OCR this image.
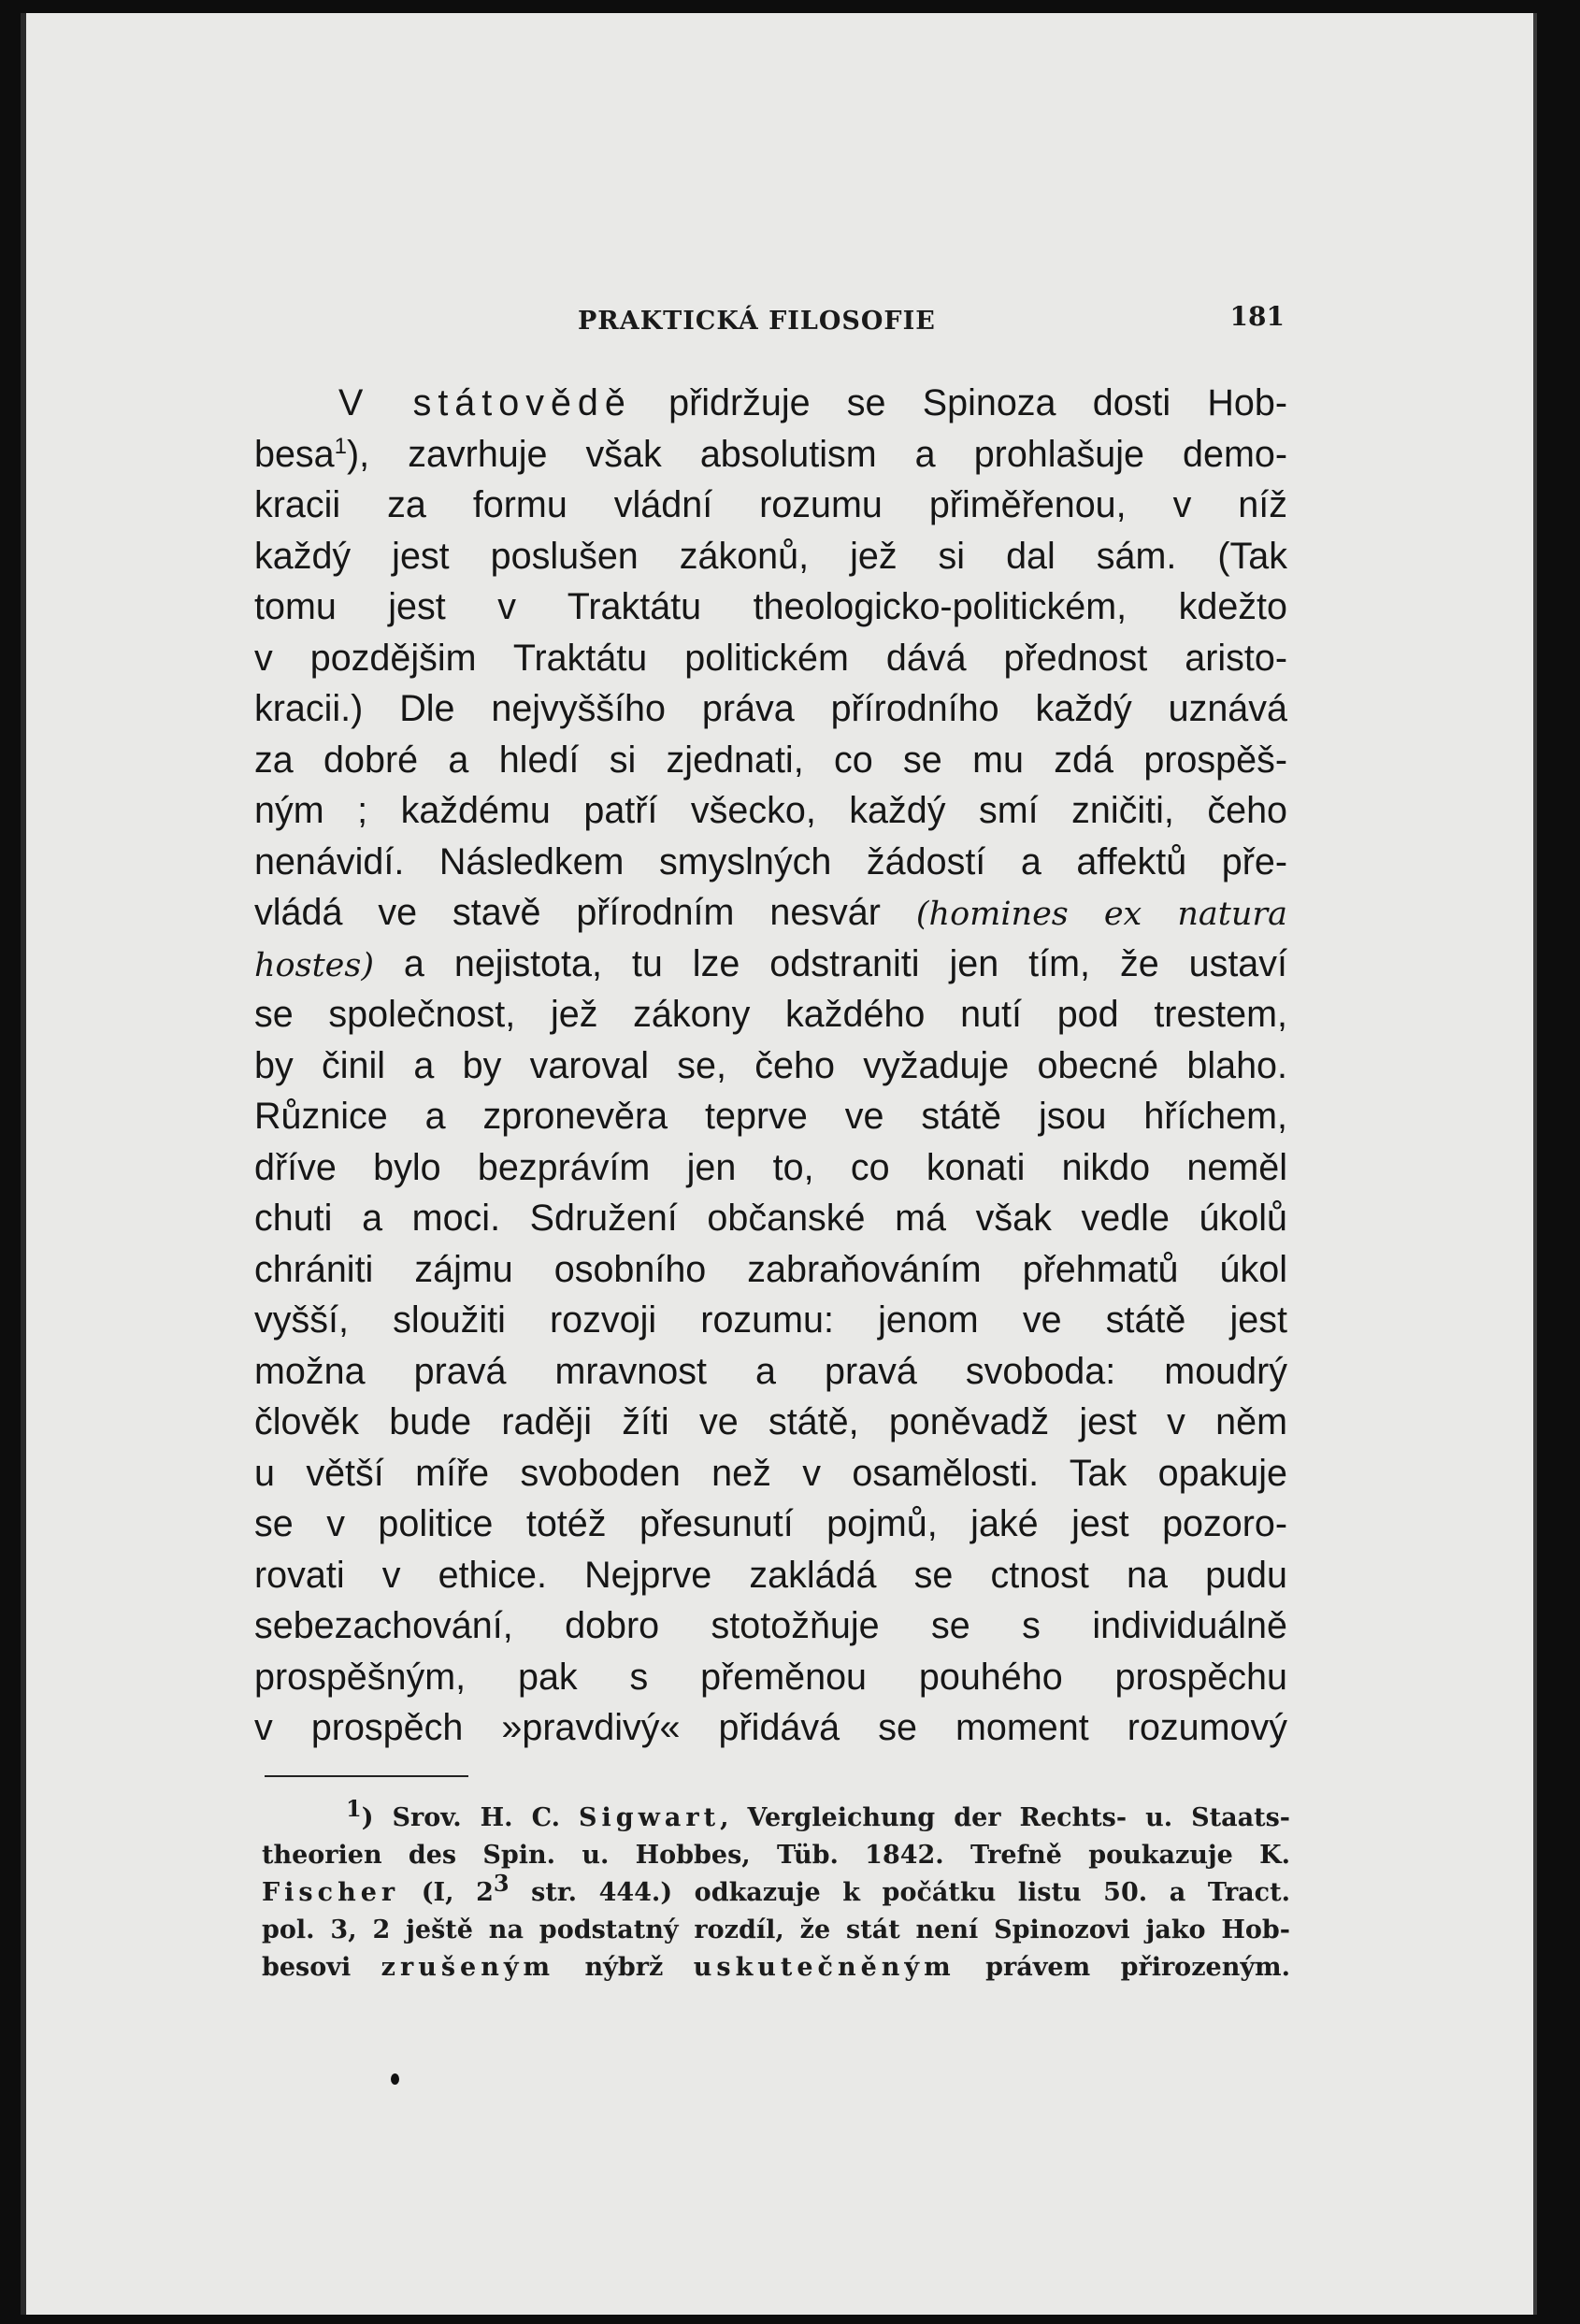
PRAKTICKÁ FILOSOFIE	181
V státovědě přidržuje se Spinoza dosti Hob-
besa$^1$), zavrhuje však absolutism a prohlašuje demo-
kracii za formu vládní rozumu přiměřenou, v níž
každý jest poslušen zákonů, jež si dal sám. (Tak
tomu jest v Traktátu theologicko-politickém, kdežto
v pozdějšim Traktátu politickém dává přednost aristo-
kracii.) Dle nejvyššího práva přírodního každý uznává
za dobré a hledí si zjednati, co se mu zdá prospěš-
ným ; každému patří všecko, každý smí zničiti, čeho
nenávidí. Následkem smyslných žádostí a affektů pře-
vládá ve stavě přírodním nesvár (homines ex natura
hostes) a nejistota, tu lze odstraniti jen tím, že ustaví
se společnost, jež zákony každého nutí pod trestem,
by činil a by varoval se, čeho vyžaduje obecné blaho.
Různice a zpronevěra teprve ve státě jsou hříchem,
dříve bylo bezprávím jen to, co konati nikdo neměl
chuti a moci. Sdružení občanské má však vedle úkolů
chrániti zájmu osobního zabraňováním přehmatů úkol
vyšší, sloužiti rozvoji rozumu: jenom ve státě jest
možna pravá mravnost a pravá svoboda: moudrý
člověk bude raději žíti ve státě, poněvadž jest v něm
u větší míře svoboden než v osamělosti. Tak opakuje
se v politice totéž přesunutí pojmů, jaké jest pozoro-
rovati v ethice. Nejprve zakládá se ctnost na pudu
sebezachování, dobro stotožňuje se s individuálně
prospěšným, pak s přeměnou pouhého prospěchu
v prospěch »pravdivý« přidává se moment rozumový
$^1$) Srov. H. C. Sigwart, Vergleichung der Rechts- u. Staats-
theorien des Spin. u. Hobbes, Tüb. 1842. Trefně poukazuje K.
Fischer (I, $2^3$ str. 444.) odkazuje k počátku listu 50. a Tract.
pol. 3, 2 ještě na podstatný rozdíl, že stát není Spinozovi jako Hob-
besovi zrušeným nýbrž uskutečněným právem přirozeným.
